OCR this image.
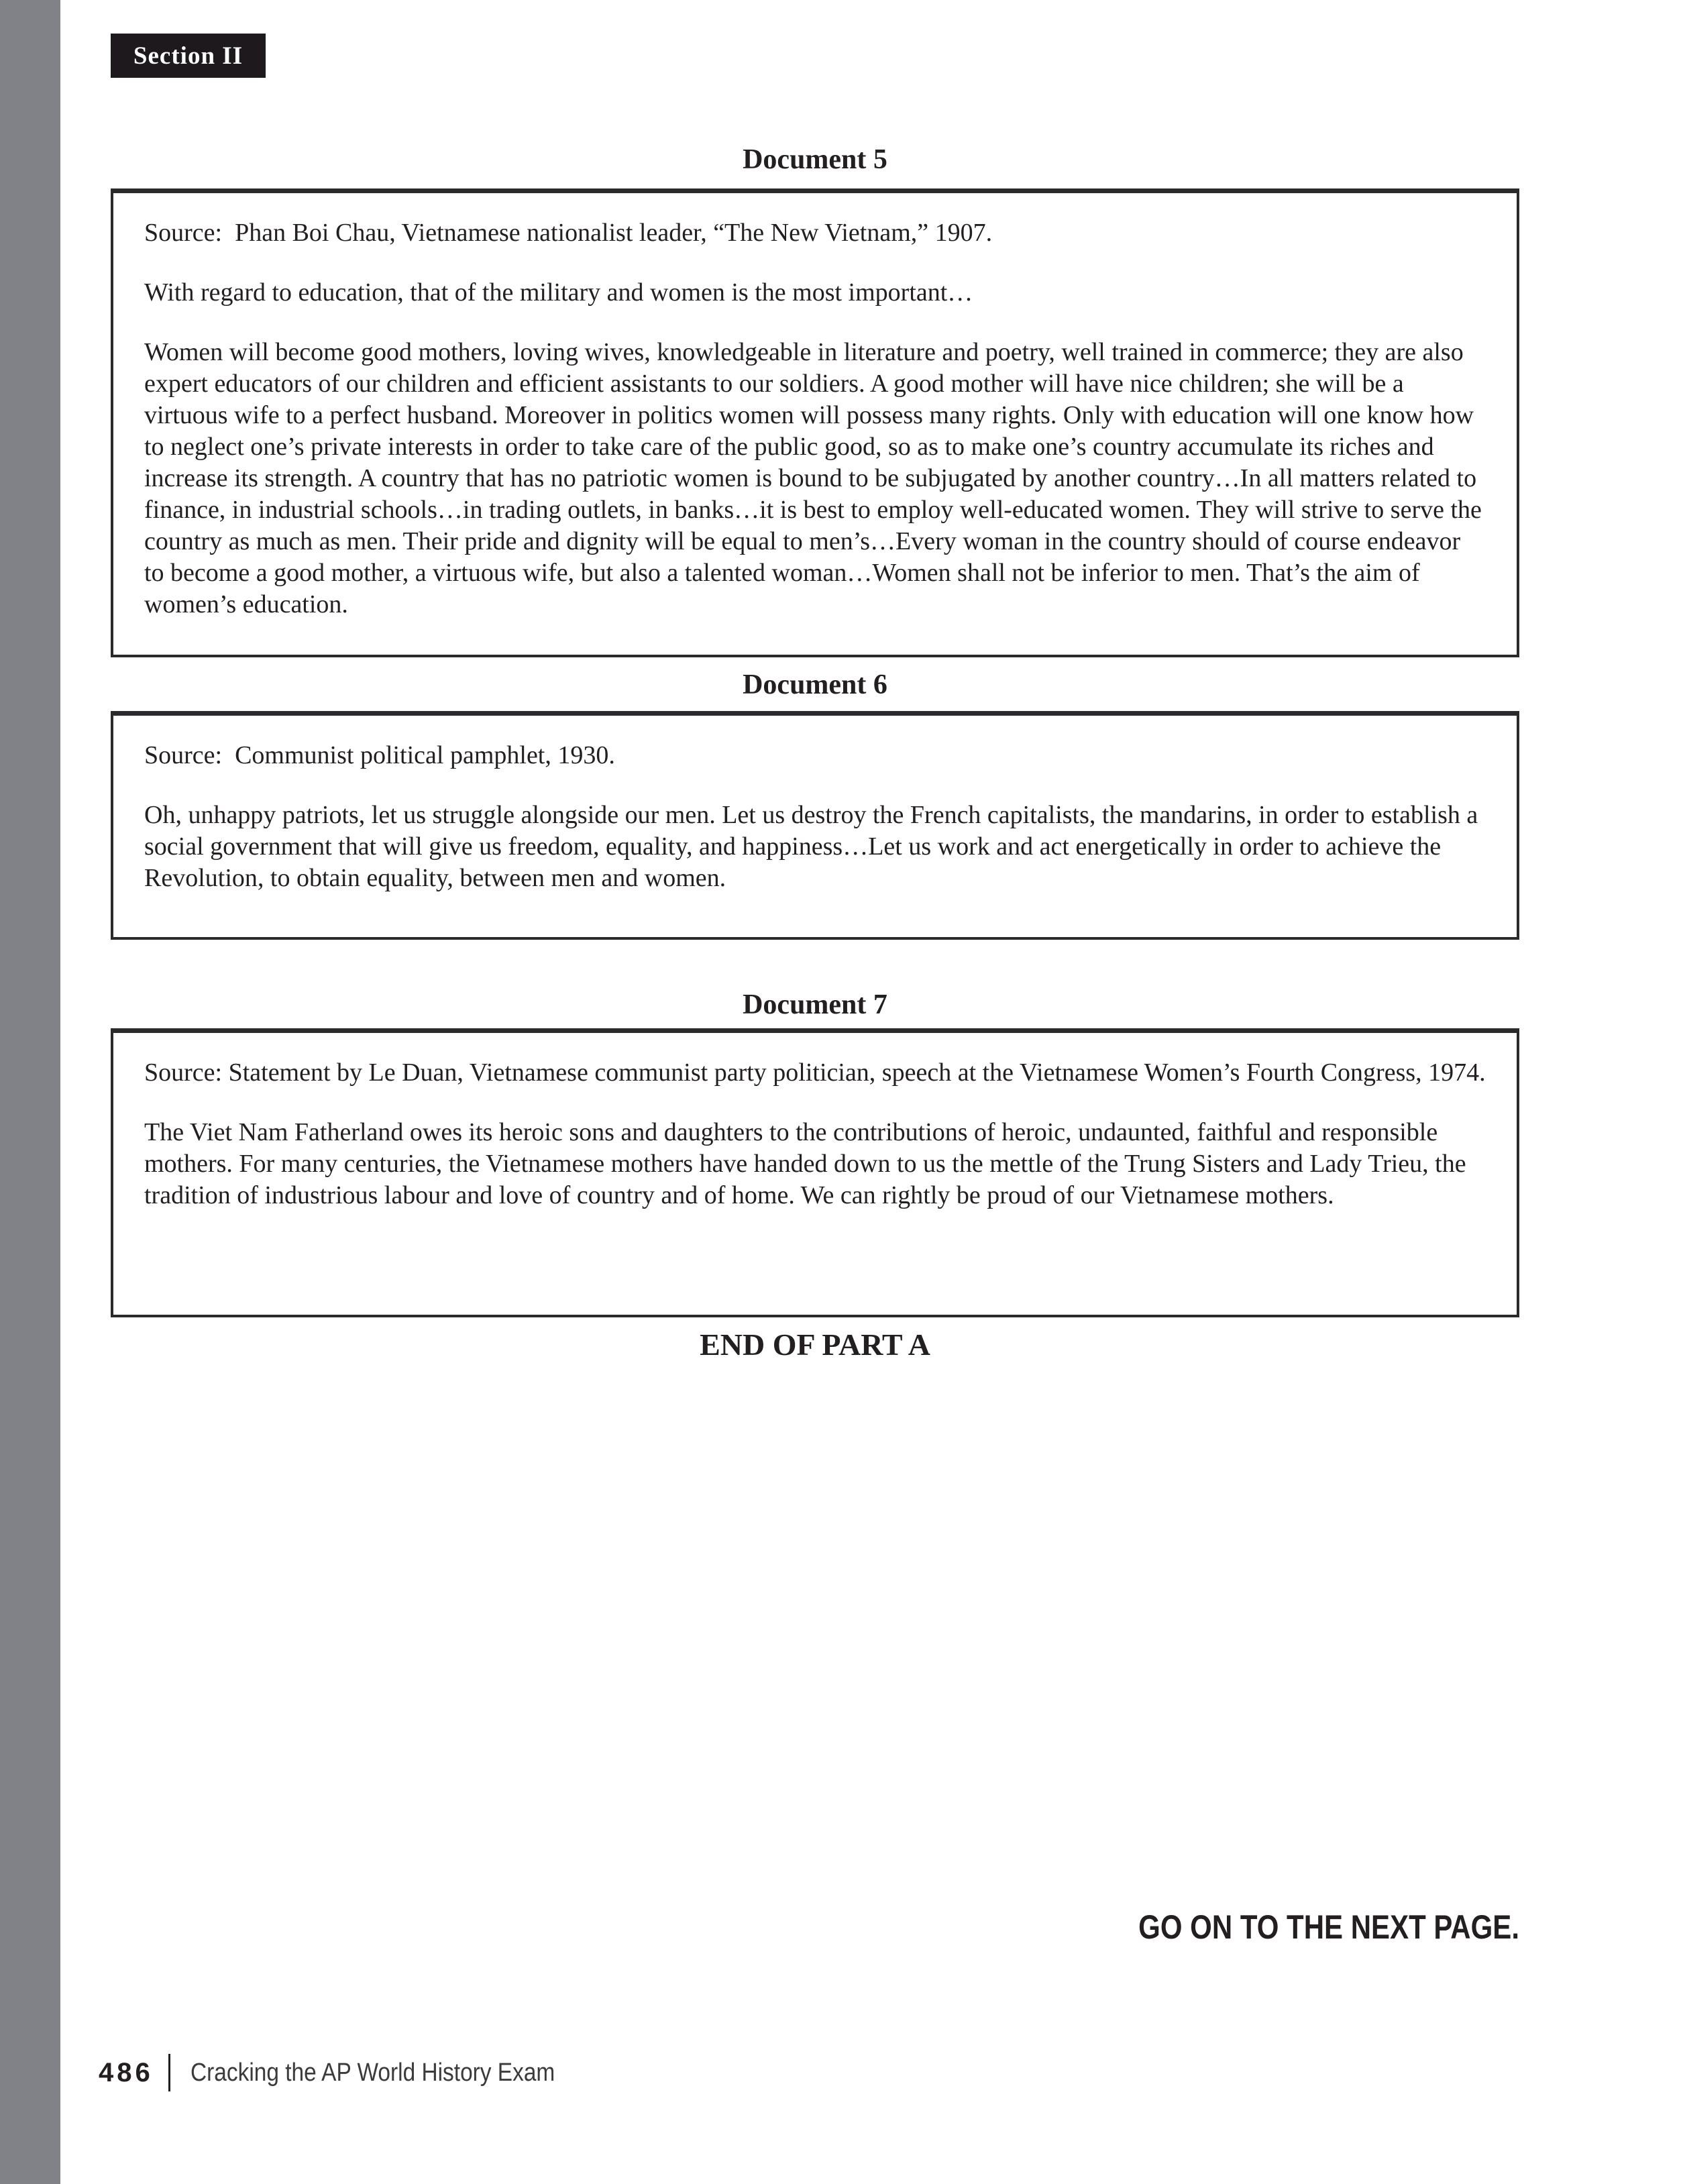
Section II
Document 5

Source:  Phan Boi Chau, Vietnamese nationalist leader, “The New Vietnam,” 1907.

With regard to education, that of the military and women is the most important…

Women will become good mothers, loving wives, knowledgeable in literature and poetry, well trained in commerce; they are also expert educators of our children and efficient assistants to our soldiers. A good mother will have nice children; she will be a virtuous wife to a perfect husband. Moreover in politics women will possess many rights. Only with education will one know how to neglect one’s private interests in order to take care of the public good, so as to make one’s country accumulate its riches and increase its strength. A country that has no patriotic women is bound to be subjugated by another country…In all matters related to finance, in industrial schools…in trading outlets, in banks…it is best to employ well-educated women. They will strive to serve the country as much as men. Their pride and dignity will be equal to men’s…Every woman in the country should of course endeavor to become a good mother, a virtuous wife, but also a talented woman…Women shall not be inferior to men. That’s the aim of women’s education.

Document 6

Source:  Communist political pamphlet, 1930.

Oh, unhappy patriots, let us struggle alongside our men. Let us destroy the French capitalists, the mandarins, in order to establish a social government that will give us freedom, equality, and happiness…Let us work and act energetically in order to achieve the Revolution, to obtain equality, between men and women.

Document 7

Source: Statement by Le Duan, Vietnamese communist party politician, speech at the Vietnamese Women’s Fourth Congress, 1974.

The Viet Nam Fatherland owes its heroic sons and daughters to the contributions of heroic, undaunted, faithful and responsible mothers. For many centuries, the Vietnamese mothers have handed down to us the mettle of the Trung Sisters and Lady Trieu, the tradition of industrious labour and love of country and of home. We can rightly be proud of our Vietnamese mothers.

END OF PART A
GO ON TO THE NEXT PAGE.
486 Cracking the AP World History Exam
